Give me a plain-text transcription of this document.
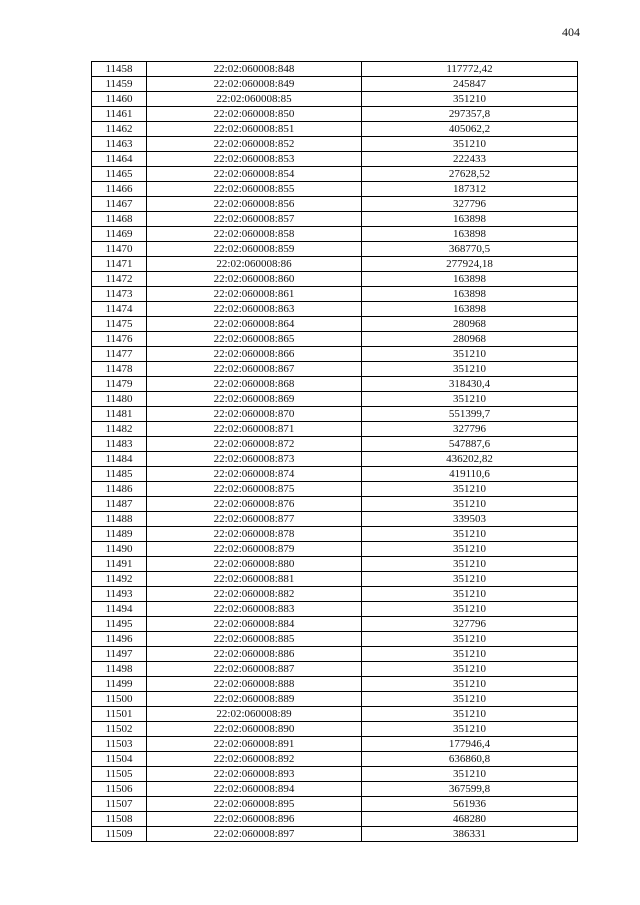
404
11458	22:02:060008:848	117772,42
11459	22:02:060008:849	245847
11460	22:02:060008:85	351210
11461	22:02:060008:850	297357,8
11462	22:02:060008:851	405062,2
11463	22:02:060008:852	351210
11464	22:02:060008:853	222433
11465	22:02:060008:854	27628,52
11466	22:02:060008:855	187312
11467	22:02:060008:856	327796
11468	22:02:060008:857	163898
11469	22:02:060008:858	163898
11470	22:02:060008:859	368770,5
11471	22:02:060008:86	277924,18
11472	22:02:060008:860	163898
11473	22:02:060008:861	163898
11474	22:02:060008:863	163898
11475	22:02:060008:864	280968
11476	22:02:060008:865	280968
11477	22:02:060008:866	351210
11478	22:02:060008:867	351210
11479	22:02:060008:868	318430,4
11480	22:02:060008:869	351210
11481	22:02:060008:870	551399,7
11482	22:02:060008:871	327796
11483	22:02:060008:872	547887,6
11484	22:02:060008:873	436202,82
11485	22:02:060008:874	419110,6
11486	22:02:060008:875	351210
11487	22:02:060008:876	351210
11488	22:02:060008:877	339503
11489	22:02:060008:878	351210
11490	22:02:060008:879	351210
11491	22:02:060008:880	351210
11492	22:02:060008:881	351210
11493	22:02:060008:882	351210
11494	22:02:060008:883	351210
11495	22:02:060008:884	327796
11496	22:02:060008:885	351210
11497	22:02:060008:886	351210
11498	22:02:060008:887	351210
11499	22:02:060008:888	351210
11500	22:02:060008:889	351210
11501	22:02:060008:89	351210
11502	22:02:060008:890	351210
11503	22:02:060008:891	177946,4
11504	22:02:060008:892	636860,8
11505	22:02:060008:893	351210
11506	22:02:060008:894	367599,8
11507	22:02:060008:895	561936
11508	22:02:060008:896	468280
11509	22:02:060008:897	386331
